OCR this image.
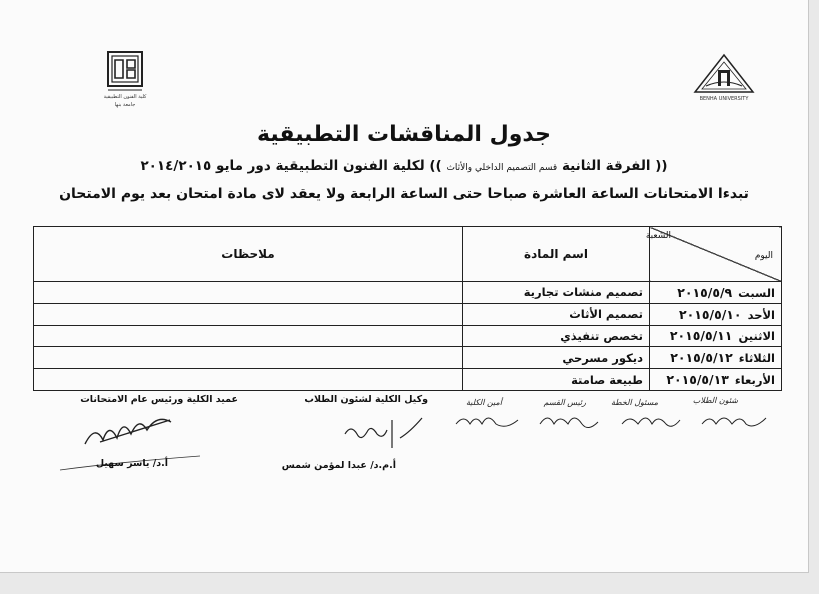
كلية الفنون التطبيقية
جامعة بنها
BENHA UNIVERSITY
جدول المناقشات التطبيقية
(( الفرقة الثانية قسم التصميم الداخلي والأثاث )) لكلية الفنون التطبيقية دور مايو ٢٠١٤/٢٠١٥
تبدءا الامتحانات الساعة العاشرة صباحا حتى الساعة الرابعة ولا يعقد لاى مادة امتحان بعد يوم الامتحان
الشعبة
اليوم	اسم المادة	ملاحظات
السبت٢٠١٥/٥/٩	تصميم منشات تجارية	
الأحد٢٠١٥/٥/١٠	تصميم الأثاث	
الاثنين٢٠١٥/٥/١١	تخصص تنفيذي	
الثلاثاء٢٠١٥/٥/١٢	ديكور مسرحي	
الأربعاء٢٠١٥/٥/١٣	طبيعة صامتة	
عميد الكلية ورئيس عام الامتحانات
أ.د/ ياسر سهيل
وكيل الكلية لشئون الطلاب
أ.م.د/ عبدا لمؤمن شمس
أمين الكلية	رئيس القسم	مسئول الخطة	شئون الطلاب
